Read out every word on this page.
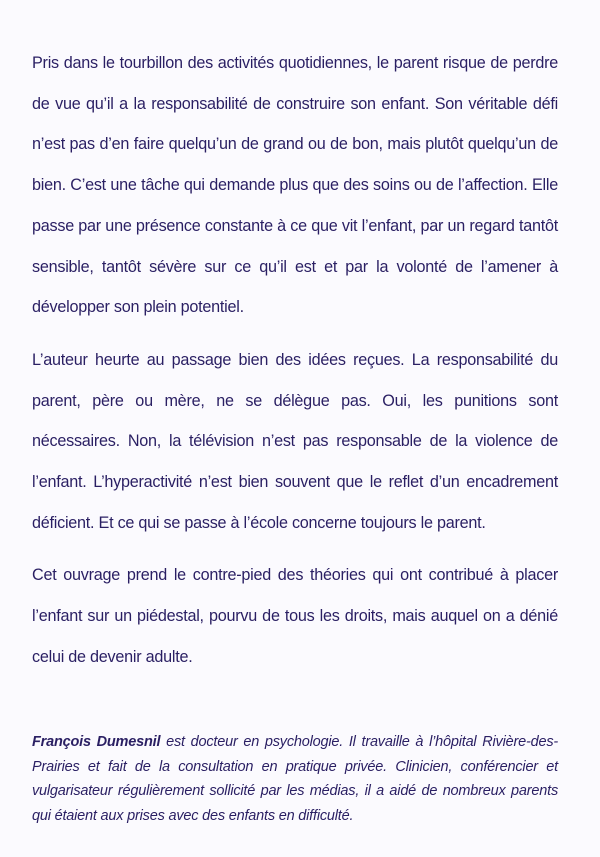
Pris dans le tourbillon des activités quotidiennes, le parent risque de perdre de vue qu’il a la responsabilité de construire son enfant. Son véritable défi n’est pas d’en faire quelqu’un de grand ou de bon, mais plutôt quelqu’un de bien. C’est une tâche qui demande plus que des soins ou de l’affection. Elle passe par une présence constante à ce que vit l’enfant, par un regard tantôt sensible, tantôt sévère sur ce qu’il est et par la volonté de l’amener à développer son plein potentiel.

L’auteur heurte au passage bien des idées reçues. La responsabilité du parent, père ou mère, ne se délègue pas. Oui, les punitions sont nécessaires. Non, la télévision n’est pas responsable de la violence de l’enfant. L’hyperactivité n’est bien souvent que le reflet d’un encadrement déficient. Et ce qui se passe à l’école concerne toujours le parent.

Cet ouvrage prend le contre-pied des théories qui ont contribué à placer l’enfant sur un piédestal, pourvu de tous les droits, mais auquel on a dénié celui de devenir adulte.

François Dumesnil est docteur en psychologie. Il travaille à l’hôpital Rivière-des-Prairies et fait de la consultation en pratique privée. Clinicien, conférencier et vulgarisateur régulièrement sollicité par les médias, il a aidé de nombreux parents qui étaient aux prises avec des enfants en difficulté.
